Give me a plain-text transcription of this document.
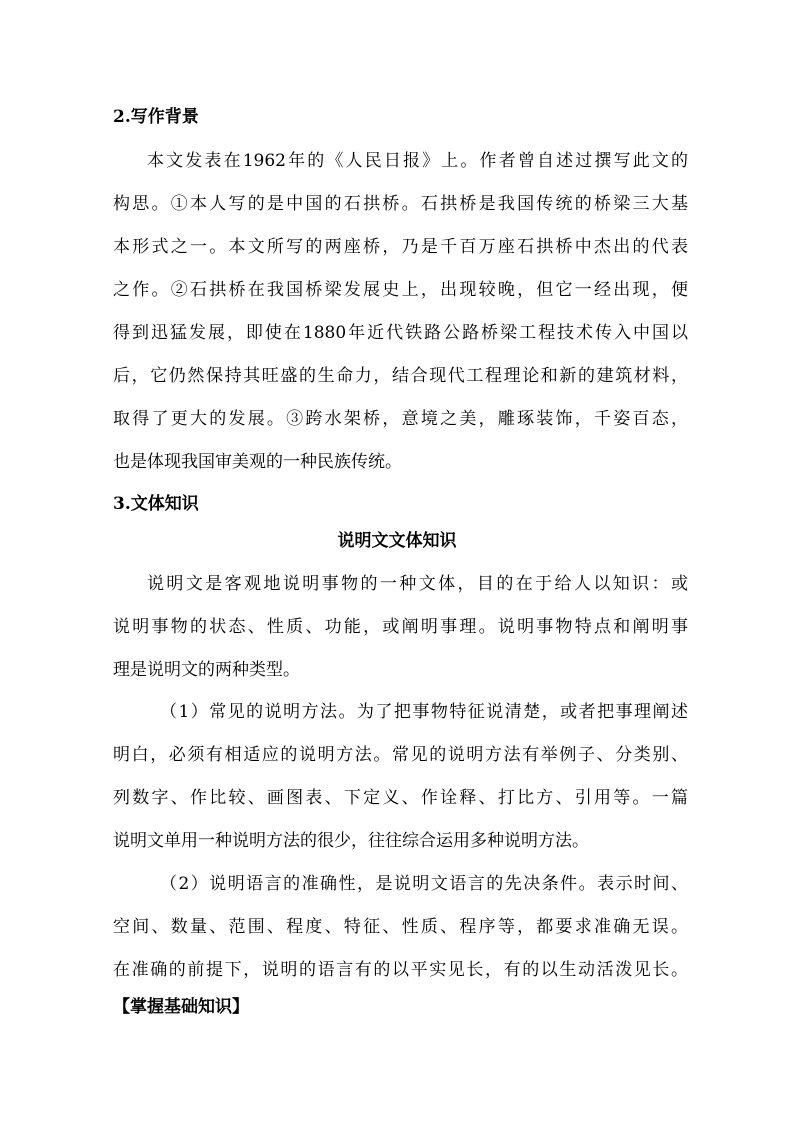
2.写作背景
本文发表在1962年的《人民日报》上。作者曾自述过撰写此文的
构思。①本人写的是中国的石拱桥。石拱桥是我国传统的桥梁三大基
本形式之一。本文所写的两座桥，乃是千百万座石拱桥中杰出的代表
之作。②石拱桥在我国桥梁发展史上，出现较晚，但它一经出现，便
得到迅猛发展，即使在1880年近代铁路公路桥梁工程技术传入中国以
后，它仍然保持其旺盛的生命力，结合现代工程理论和新的建筑材料，
取得了更大的发展。③跨水架桥，意境之美，雕琢装饰，千姿百态，
也是体现我国审美观的一种民族传统。
3.文体知识
说明文文体知识
说明文是客观地说明事物的一种文体，目的在于给人以知识：或
说明事物的状态、性质、功能，或阐明事理。说明事物特点和阐明事
理是说明文的两种类型。
（1）常见的说明方法。为了把事物特征说清楚，或者把事理阐述
明白，必须有相适应的说明方法。常见的说明方法有举例子、分类别、
列数字、作比较、画图表、下定义、作诠释、打比方、引用等。一篇
说明文单用一种说明方法的很少，往往综合运用多种说明方法。
（2）说明语言的准确性，是说明文语言的先决条件。表示时间、
空间、数量、范围、程度、特征、性质、程序等，都要求准确无误。
在准确的前提下，说明的语言有的以平实见长，有的以生动活泼见长。
【掌握基础知识】
